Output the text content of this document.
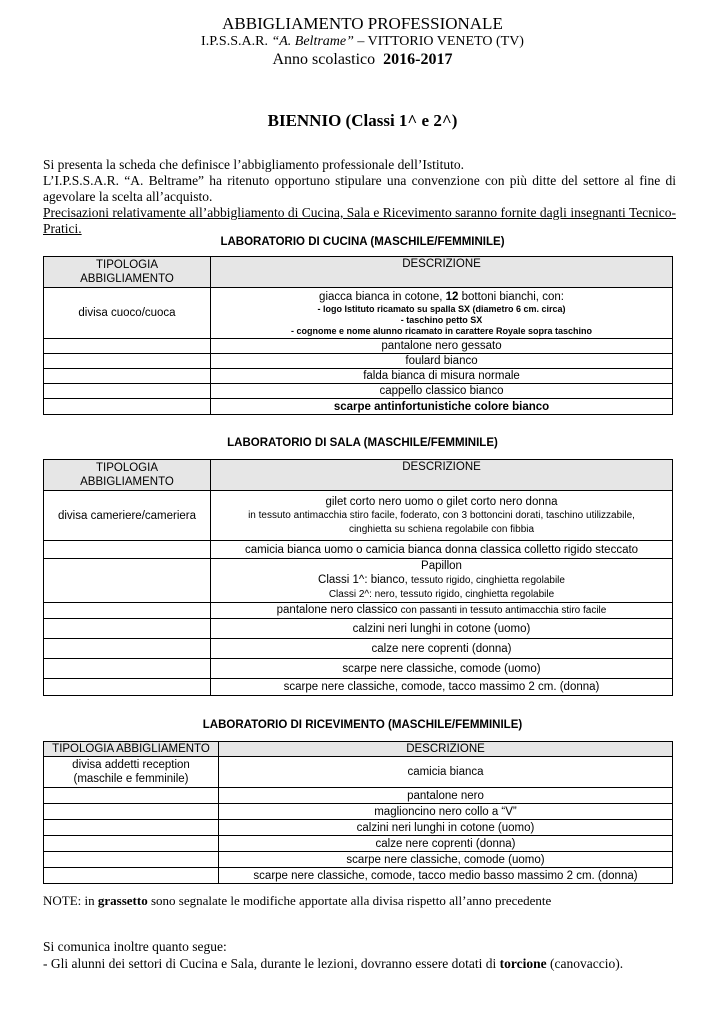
ABBIGLIAMENTO PROFESSIONALE
I.P.S.S.A.R. “A. Beltrame” – VITTORIO VENETO (TV)
Anno scolastico 2016-2017
BIENNIO (Classi 1^ e 2^)

Si presenta la scheda che definisce l’abbigliamento professionale dell’Istituto.

L’I.P.S.S.A.R. “A. Beltrame” ha ritenuto opportuno stipulare una convenzione con più ditte del settore al fine di agevolare la scelta all’acquisto.

Precisazioni relativamente all’abbigliamento di Cucina, Sala e Ricevimento saranno fornite dagli insegnanti Tecnico-Pratici.

LABORATORIO DI CUCINA (MASCHILE/FEMMINILE)
TIPOLOGIA
ABBIGLIAMENTO	DESCRIZIONE
divisa cuoco/cuoca	giacca bianca in cotone, 12 bottoni bianchi, con:
- logo Istituto ricamato su spalla SX (diametro 6 cm. circa)
- taschino petto SX
- cognome e nome alunno ricamato in carattere Royale sopra taschino

	pantalone nero gessato
	foulard bianco
	falda bianca di misura normale
	cappello classico bianco
	scarpe antinfortunistiche colore bianco
LABORATORIO DI SALA (MASCHILE/FEMMINILE)
TIPOLOGIA
ABBIGLIAMENTO	DESCRIZIONE
divisa cameriere/cameriera	gilet corto nero uomo o gilet corto nero donna
in tessuto antimacchia stiro facile, foderato, con 3 bottoncini dorati, taschino utilizzabile,
cinghietta su schiena regolabile con fibbia

	camicia bianca uomo o camicia bianca donna classica colletto rigido steccato

	Papillon
Classi 1^: bianco, tessuto rigido, cinghietta regolabile
Classi 2^: nero, tessuto rigido, cinghietta regolabile

	pantalone nero classico con passanti in tessuto antimacchia stiro facile
	calzini neri lunghi in cotone (uomo)
	calze nere coprenti (donna)
	scarpe nere classiche, comode (uomo)
	scarpe nere classiche, comode, tacco massimo 2 cm. (donna)
LABORATORIO DI RICEVIMENTO (MASCHILE/FEMMINILE)
TIPOLOGIA ABBIGLIAMENTO	DESCRIZIONE
divisa addetti reception
(maschile e femminile)	camicia bianca
	pantalone nero
	maglioncino nero collo a “V”
	calzini neri lunghi in cotone (uomo)
	calze nere coprenti (donna)
	scarpe nere classiche, comode (uomo)
	scarpe nere classiche, comode, tacco medio basso massimo 2 cm. (donna)
NOTE: in grassetto sono segnalate le modifiche apportate alla divisa rispetto all’anno precedente

Si comunica inoltre quanto segue:

- Gli alunni dei settori di Cucina e Sala, durante le lezioni, dovranno essere dotati di torcione (canovaccio).
